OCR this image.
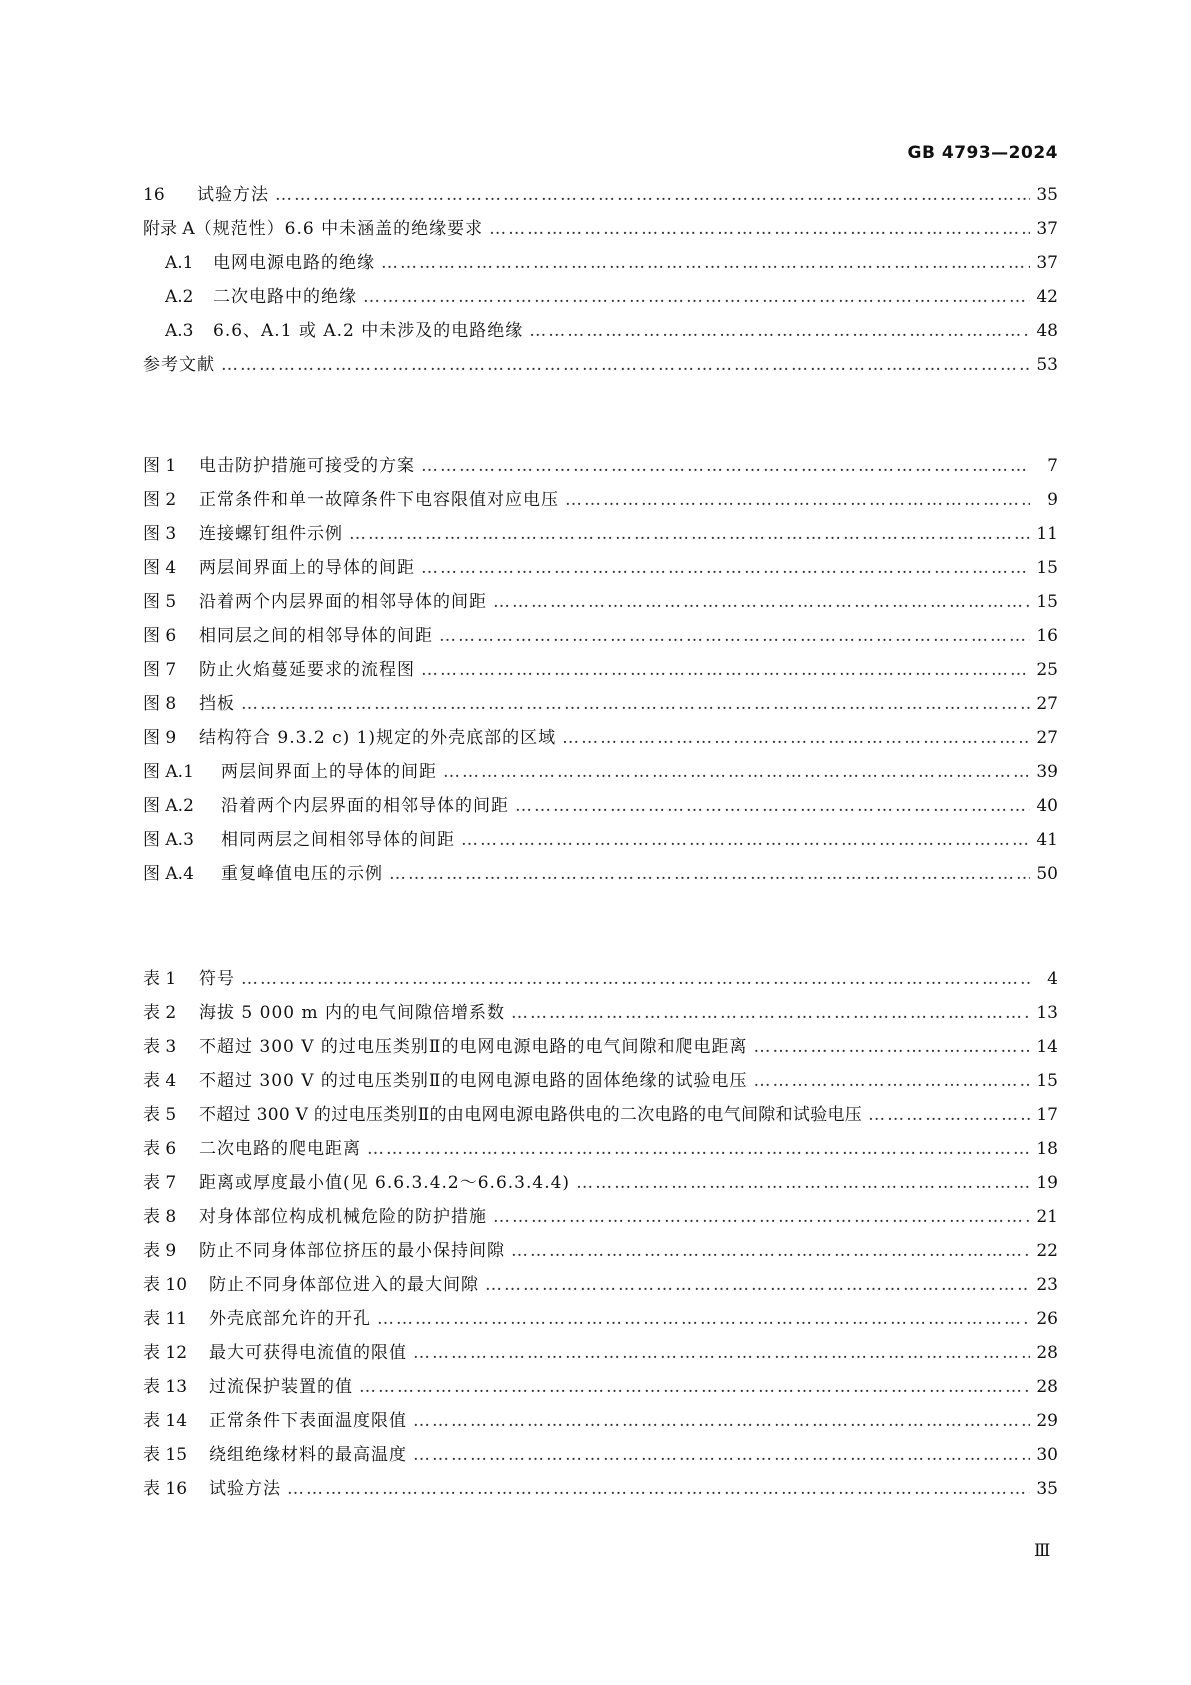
GB 4793—2024
16	试验方法 ……………………………………………………………………………………………………………………………………………………………………………………………………	35
附录 A （规范性）6.6 中未涵盖的绝缘要求 ……………………………………………………………………………………………………………………………………………………………………………………………………	37
A.1	电网电源电路的绝缘 ……………………………………………………………………………………………………………………………………………………………………………………………………	37
A.2	二次电路中的绝缘 ……………………………………………………………………………………………………………………………………………………………………………………………………	42
A.3	6.6、A.1 或 A.2 中未涉及的电路绝缘 ……………………………………………………………………………………………………………………………………………………………………………………………………	48
参考文献 ……………………………………………………………………………………………………………………………………………………………………………………………………	53
图 1	电击防护措施可接受的方案 ……………………………………………………………………………………………………………………………………………………………………………………………………	7
图 2	正常条件和单一故障条件下电容限值对应电压 ……………………………………………………………………………………………………………………………………………………………………………………………………	9
图 3	连接螺钉组件示例 ……………………………………………………………………………………………………………………………………………………………………………………………………	11
图 4	两层间界面上的导体的间距 ……………………………………………………………………………………………………………………………………………………………………………………………………	15
图 5	沿着两个内层界面的相邻导体的间距 ……………………………………………………………………………………………………………………………………………………………………………………………………	15
图 6	相同层之间的相邻导体的间距 ……………………………………………………………………………………………………………………………………………………………………………………………………	16
图 7	防止火焰蔓延要求的流程图 ……………………………………………………………………………………………………………………………………………………………………………………………………	25
图 8	挡板 ……………………………………………………………………………………………………………………………………………………………………………………………………	27
图 9	结构符合 9.3.2 c) 1)规定的外壳底部的区域 ……………………………………………………………………………………………………………………………………………………………………………………………………	27
图 A.1	两层间界面上的导体的间距 ……………………………………………………………………………………………………………………………………………………………………………………………………	39
图 A.2	沿着两个内层界面的相邻导体的间距 ……………………………………………………………………………………………………………………………………………………………………………………………………	40
图 A.3	相同两层之间相邻导体的间距 ……………………………………………………………………………………………………………………………………………………………………………………………………	41
图 A.4	重复峰值电压的示例 ……………………………………………………………………………………………………………………………………………………………………………………………………	50
表 1	符号 ……………………………………………………………………………………………………………………………………………………………………………………………………	4
表 2	海拔 5 000 m 内的电气间隙倍增系数 ……………………………………………………………………………………………………………………………………………………………………………………………………	13
表 3	不超过 300 V 的过电压类别Ⅱ的电网电源电路的电气间隙和爬电距离 ……………………………………………………………………………………………………………………………………………………………………………………………………	14
表 4	不超过 300 V 的过电压类别Ⅱ的电网电源电路的固体绝缘的试验电压 ……………………………………………………………………………………………………………………………………………………………………………………………………	15
表 5	不超过 300 V 的过电压类别Ⅱ的由电网电源电路供电的二次电路的电气间隙和试验电压 ……………………………………………………………………………………………………………………………………………………………………………………………………	17
表 6	二次电路的爬电距离 ……………………………………………………………………………………………………………………………………………………………………………………………………	18
表 7	距离或厚度最小值(见 6.6.3.4.2～6.6.3.4.4) ……………………………………………………………………………………………………………………………………………………………………………………………………	19
表 8	对身体部位构成机械危险的防护措施 ……………………………………………………………………………………………………………………………………………………………………………………………………	21
表 9	防止不同身体部位挤压的最小保持间隙 ……………………………………………………………………………………………………………………………………………………………………………………………………	22
表 10	防止不同身体部位进入的最大间隙 ……………………………………………………………………………………………………………………………………………………………………………………………………	23
表 11	外壳底部允许的开孔 ……………………………………………………………………………………………………………………………………………………………………………………………………	26
表 12	最大可获得电流值的限值 ……………………………………………………………………………………………………………………………………………………………………………………………………	28
表 13	过流保护装置的值 ……………………………………………………………………………………………………………………………………………………………………………………………………	28
表 14	正常条件下表面温度限值 ……………………………………………………………………………………………………………………………………………………………………………………………………	29
表 15	绕组绝缘材料的最高温度 ……………………………………………………………………………………………………………………………………………………………………………………………………	30
表 16	试验方法 ……………………………………………………………………………………………………………………………………………………………………………………………………	35
Ⅲ
